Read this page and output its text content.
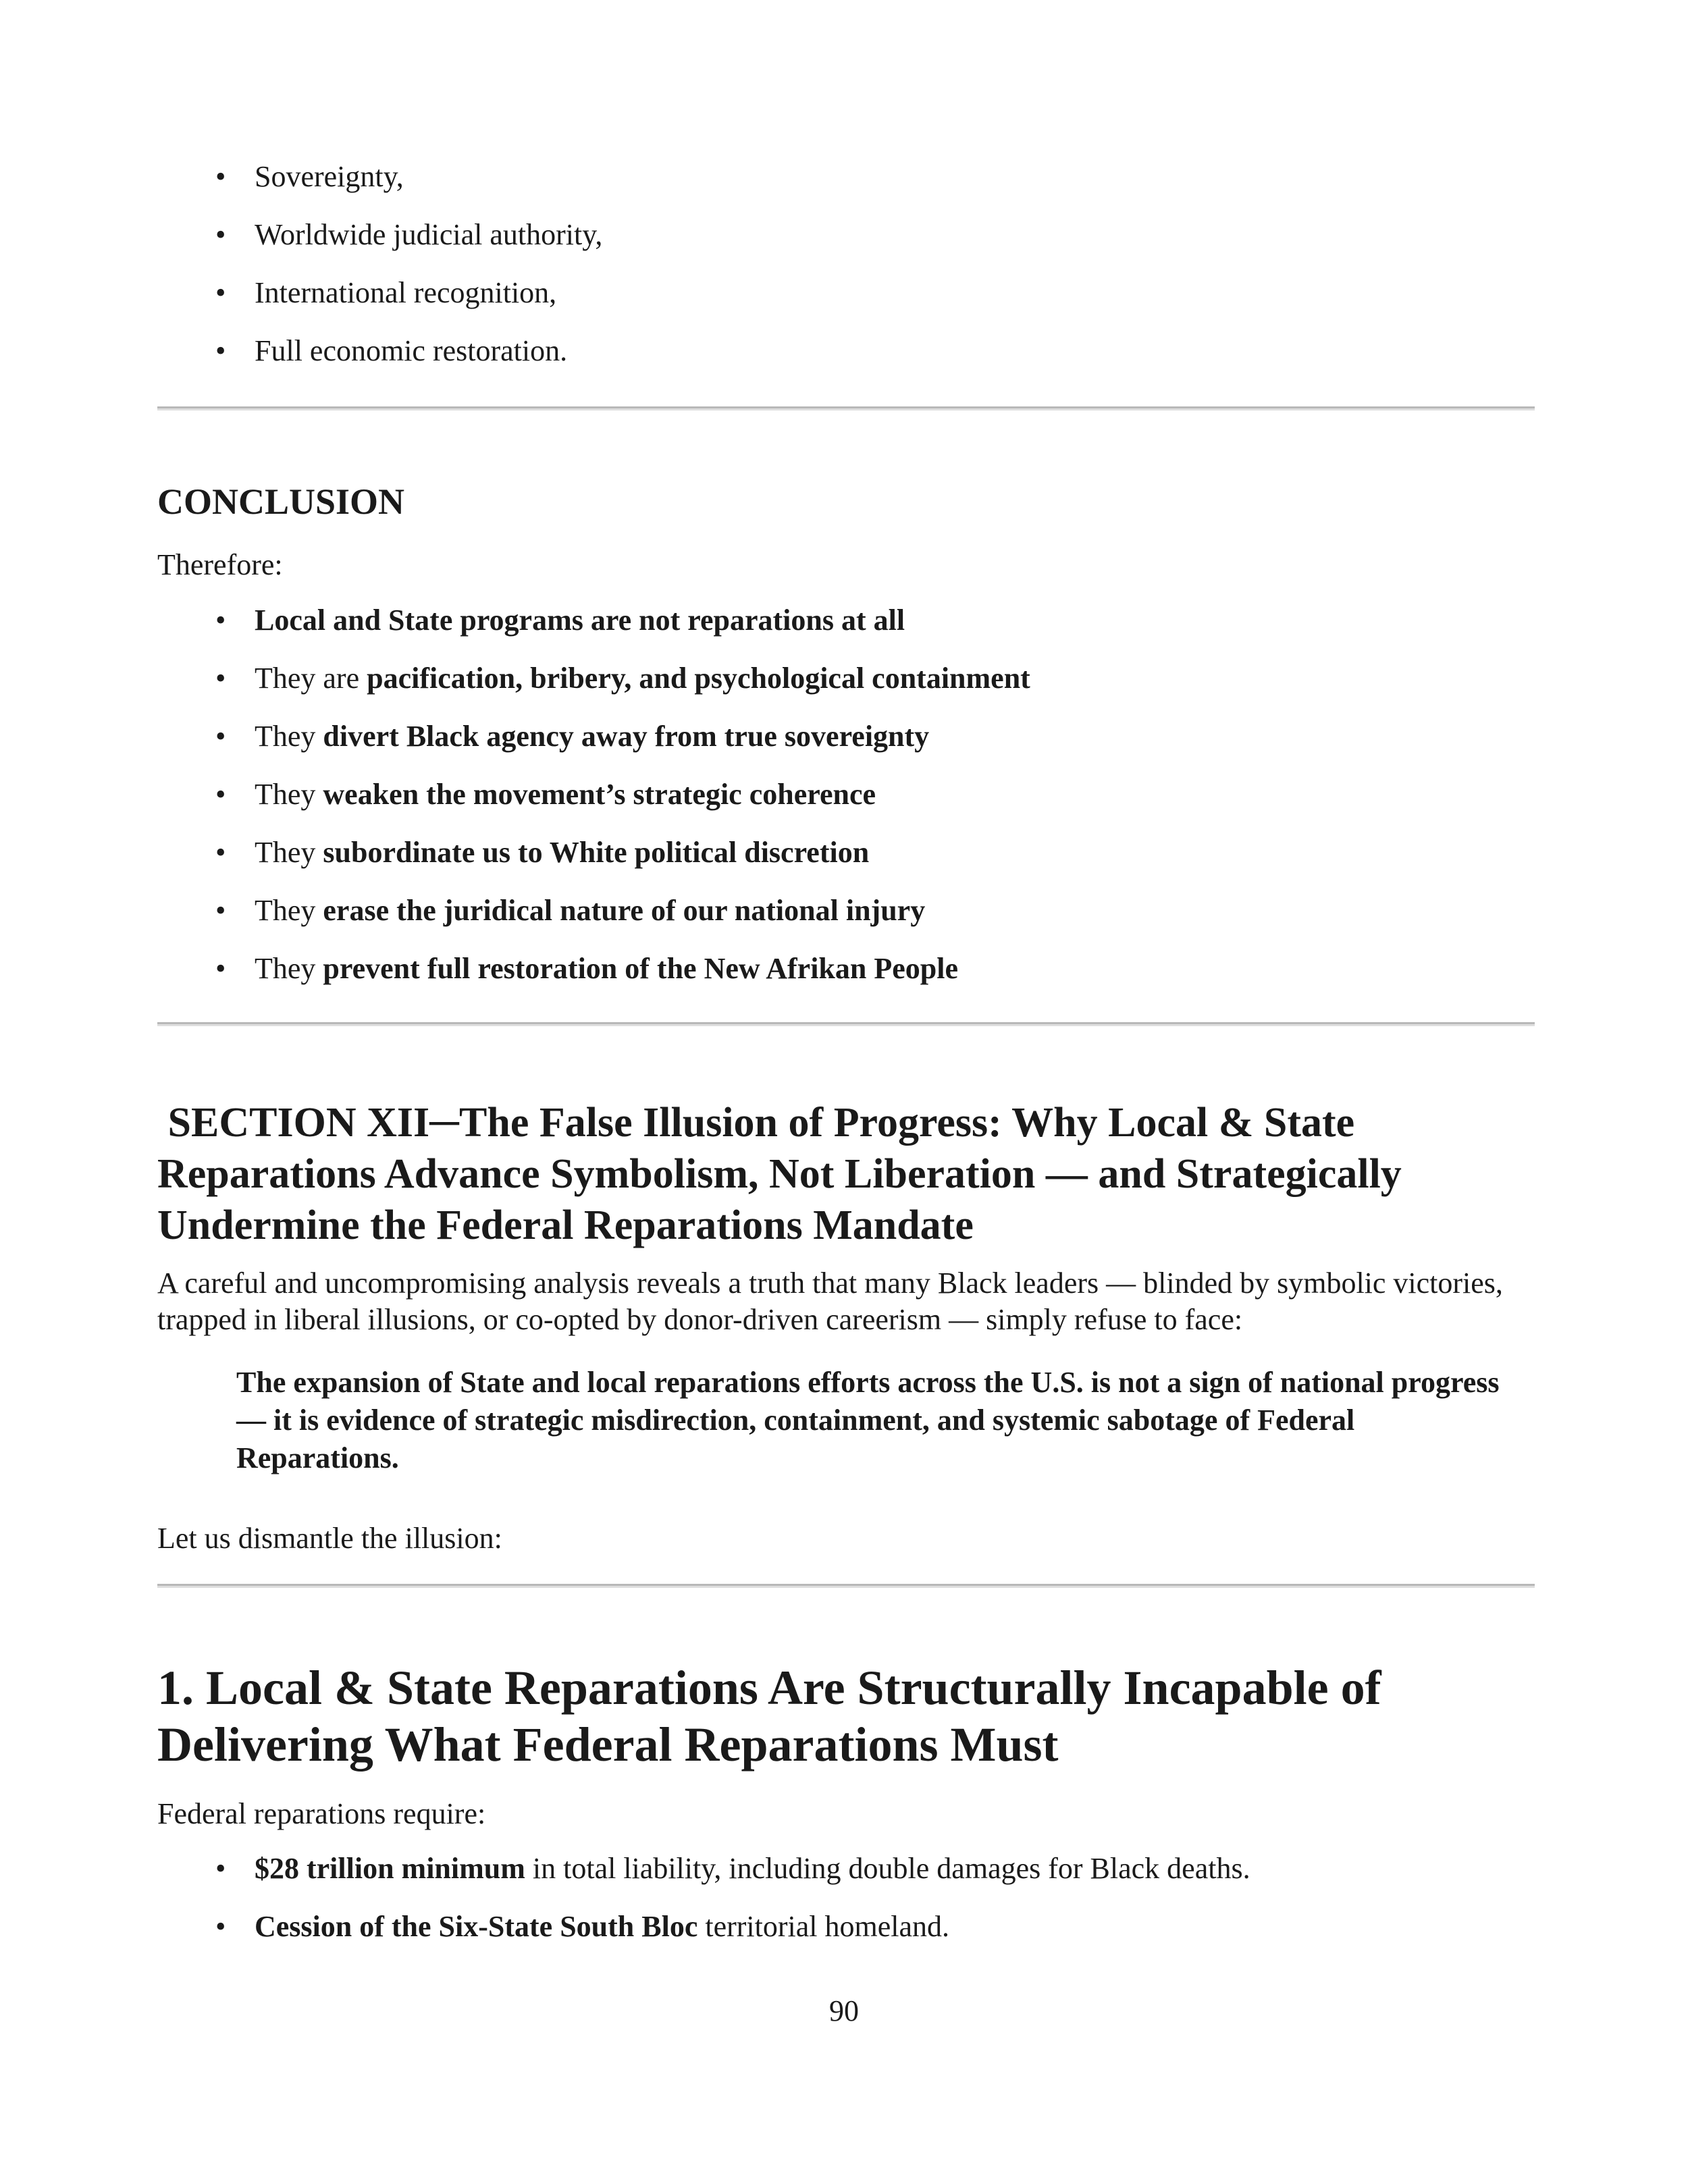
• Sovereignty,
• Worldwide judicial authority,
• International recognition,
• Full economic restoration.
CONCLUSION

Therefore:

• Local and State programs are not reparations at all
• They are pacification, bribery, and psychological containment
• They divert Black agency away from true sovereignty
• They weaken the movement’s strategic coherence
• They subordinate us to White political discretion
• They erase the juridical nature of our national injury
• They prevent full restoration of the New Afrikan People
SECTION XII─The False Illusion of Progress: Why Local & State Reparations Advance Symbolism, Not Liberation — and Strategically Undermine the Federal Reparations Mandate

A careful and uncompromising analysis reveals a truth that many Black leaders — blinded by symbolic victories, trapped in liberal illusions, or co-opted by donor-driven careerism — simply refuse to face:

The expansion of State and local reparations efforts across the U.S. is not a sign of national progress — it is evidence of strategic misdirection, containment, and systemic sabotage of Federal Reparations.

Let us dismantle the illusion:

1. Local & State Reparations Are Structurally Incapable of Delivering What Federal Reparations Must

Federal reparations require:

• $28 trillion minimum in total liability, including double damages for Black deaths.
• Cession of the Six-State South Bloc territorial homeland.
90
